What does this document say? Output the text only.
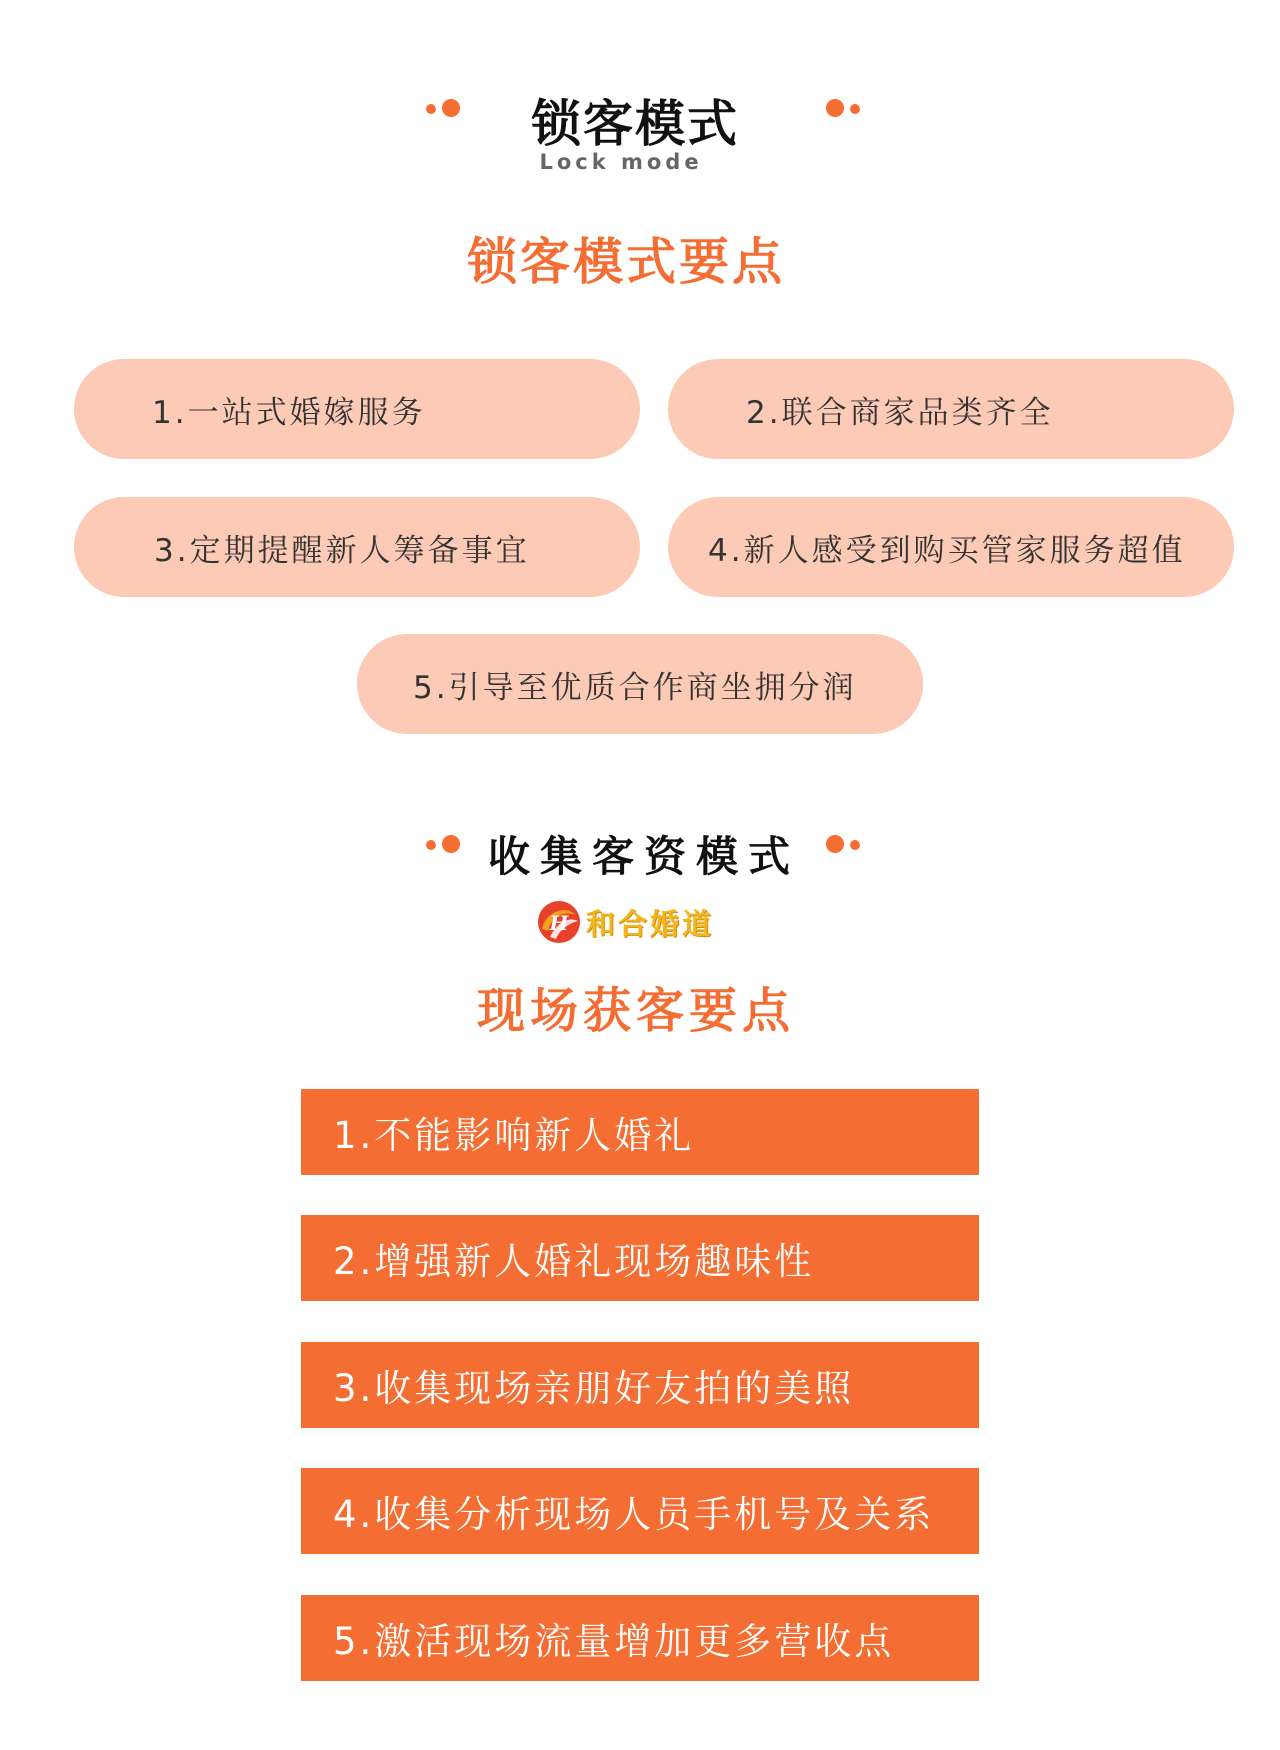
锁客模式
Lock mode
锁客模式要点
1.一站式婚嫁服务	2.联合商家品类齐全
3.定期提醒新人筹备事宜	4.新人感受到购买管家服务超值
5.引导至优质合作商坐拥分润
收集客资模式
H 和合婚道
现场获客要点
1.不能影响新人婚礼
2.增强新人婚礼现场趣味性
3.收集现场亲朋好友拍的美照
4.收集分析现场人员手机号及关系
5.激活现场流量增加更多营收点
